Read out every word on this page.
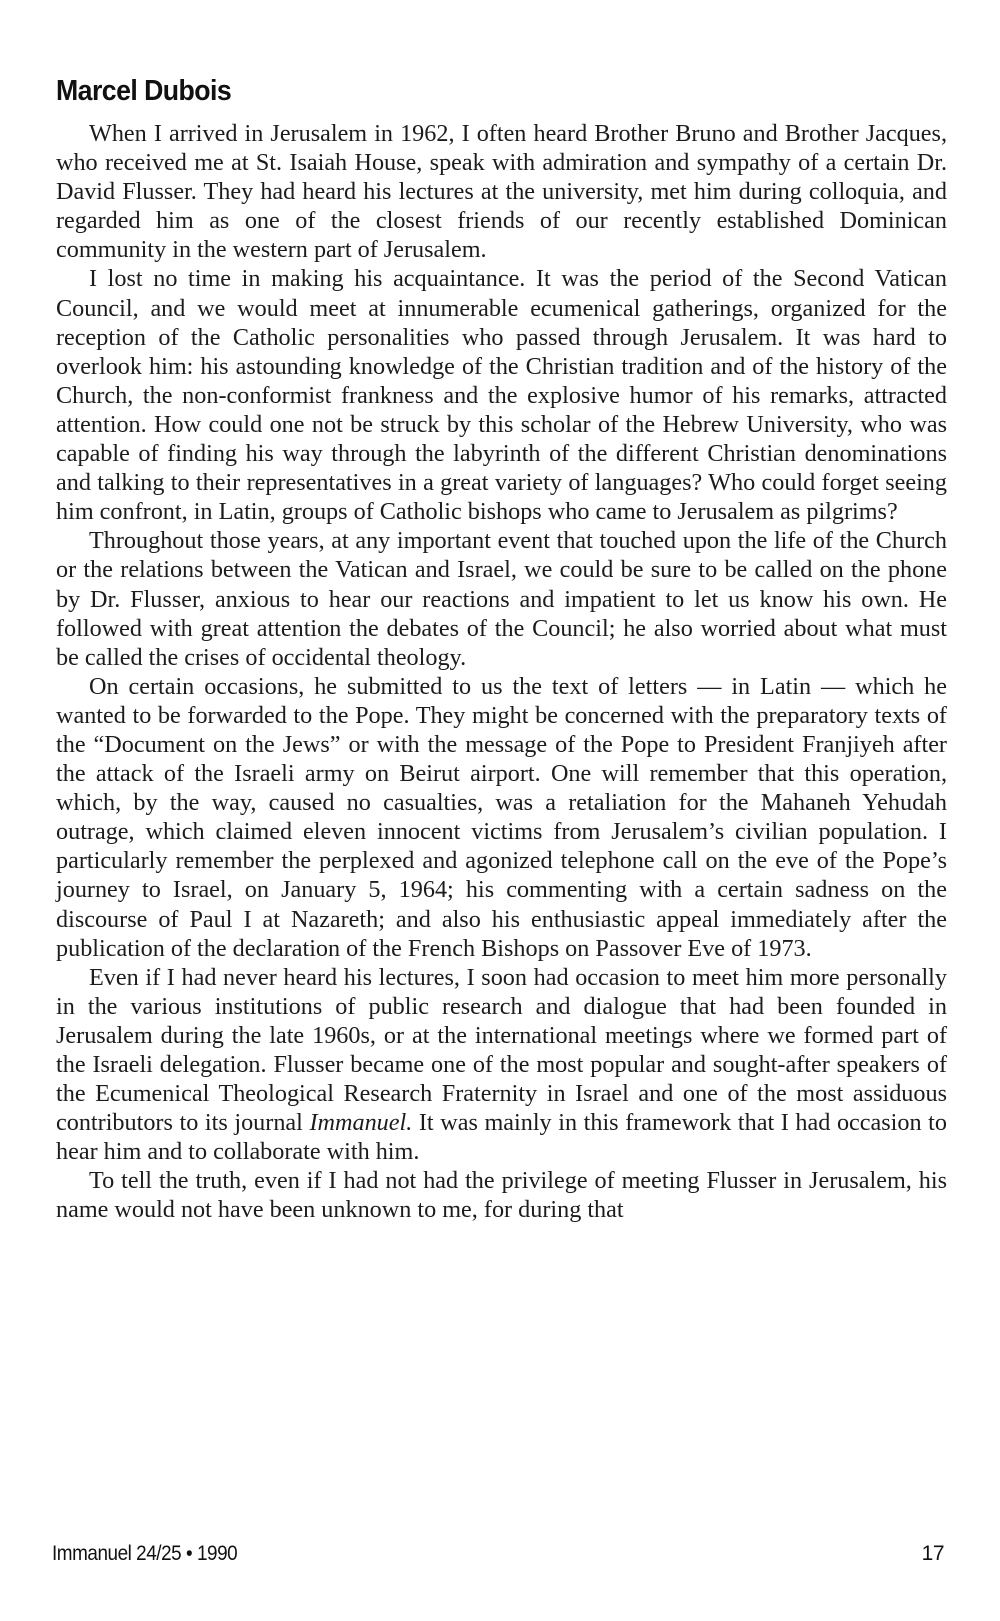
Marcel Dubois

When I arrived in Jerusalem in 1962, I often heard Brother Bruno and Brother Jacques, who received me at St. Isaiah House, speak with admiration and sympathy of a certain Dr. David Flusser. They had heard his lectures at the university, met him during colloquia, and regarded him as one of the closest friends of our recently established Dominican community in the western part of Jerusalem.

I lost no time in making his acquaintance. It was the period of the Second Vatican Council, and we would meet at innumerable ecumenical gatherings, organized for the reception of the Catholic personalities who passed through Jerusalem. It was hard to overlook him: his astounding knowledge of the Christian tradition and of the history of the Church, the non-conformist frankness and the explosive humor of his remarks, attracted attention. How could one not be struck by this scholar of the Hebrew University, who was capable of finding his way through the labyrinth of the different Christian denominations and talking to their representatives in a great variety of languages? Who could forget seeing him confront, in Latin, groups of Catholic bishops who came to Jerusalem as pilgrims?

Throughout those years, at any important event that touched upon the life of the Church or the relations between the Vatican and Israel, we could be sure to be called on the phone by Dr. Flusser, anxious to hear our reactions and impatient to let us know his own. He followed with great attention the debates of the Council; he also worried about what must be called the crises of occidental theology.

On certain occasions, he submitted to us the text of letters — in Latin — which he wanted to be forwarded to the Pope. They might be concerned with the preparatory texts of the “Document on the Jews” or with the message of the Pope to President Franjiyeh after the attack of the Israeli army on Beirut airport. One will remember that this operation, which, by the way, caused no casualties, was a retaliation for the Mahaneh Yehudah outrage, which claimed eleven innocent victims from Jerusalem’s civilian population. I particularly remember the perplexed and agonized telephone call on the eve of the Pope’s journey to Israel, on January 5, 1964; his commenting with a certain sadness on the discourse of Paul I at Nazareth; and also his enthusiastic appeal immediately after the publication of the declaration of the French Bishops on Passover Eve of 1973.

Even if I had never heard his lectures, I soon had occasion to meet him more personally in the various institutions of public research and dialogue that had been founded in Jerusalem during the late 1960s, or at the international meetings where we formed part of the Israeli delegation. Flusser became one of the most popular and sought-after speakers of the Ecumenical Theological Research Fraternity in Israel and one of the most assiduous contributors to its journal Immanuel. It was mainly in this framework that I had occasion to hear him and to collaborate with him.

To tell the truth, even if I had not had the privilege of meeting Flusser in Jerusalem, his name would not have been unknown to me, for during that

Immanuel 24/25 • 1990	17
